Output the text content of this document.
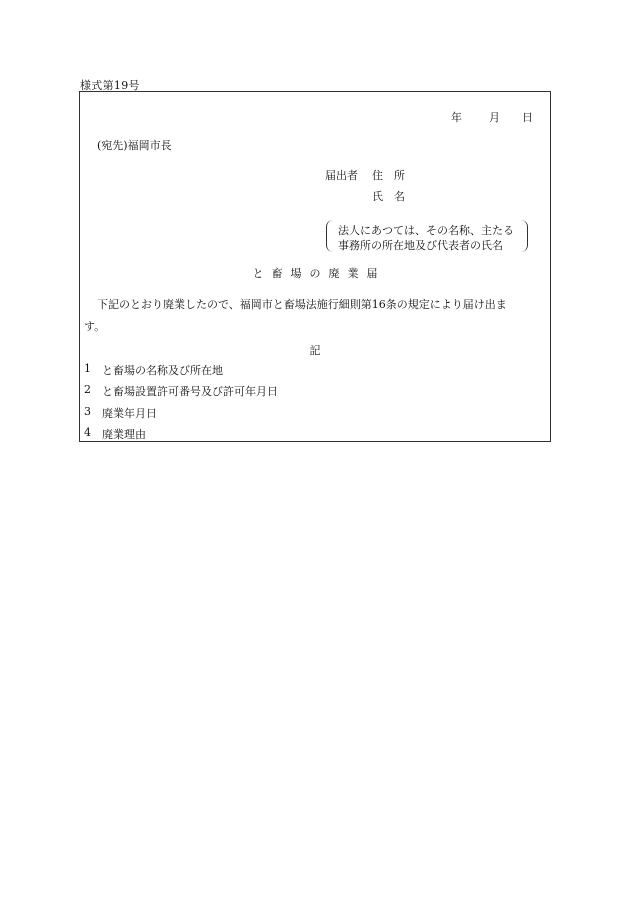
様式第19号
年 月 日
(宛先)福岡市長
届出者 住　所
氏　名
法人にあつては、その名称、主たる
事務所の所在地及び代表者の氏名
と畜場の廃業届
下記のとおり廃業したので、福岡市と畜場法施行細則第16条の規定により届け出ま
す。
記
1 と畜場の名称及び所在地
2 と畜場設置許可番号及び許可年月日
3 廃業年月日
4 廃業理由
